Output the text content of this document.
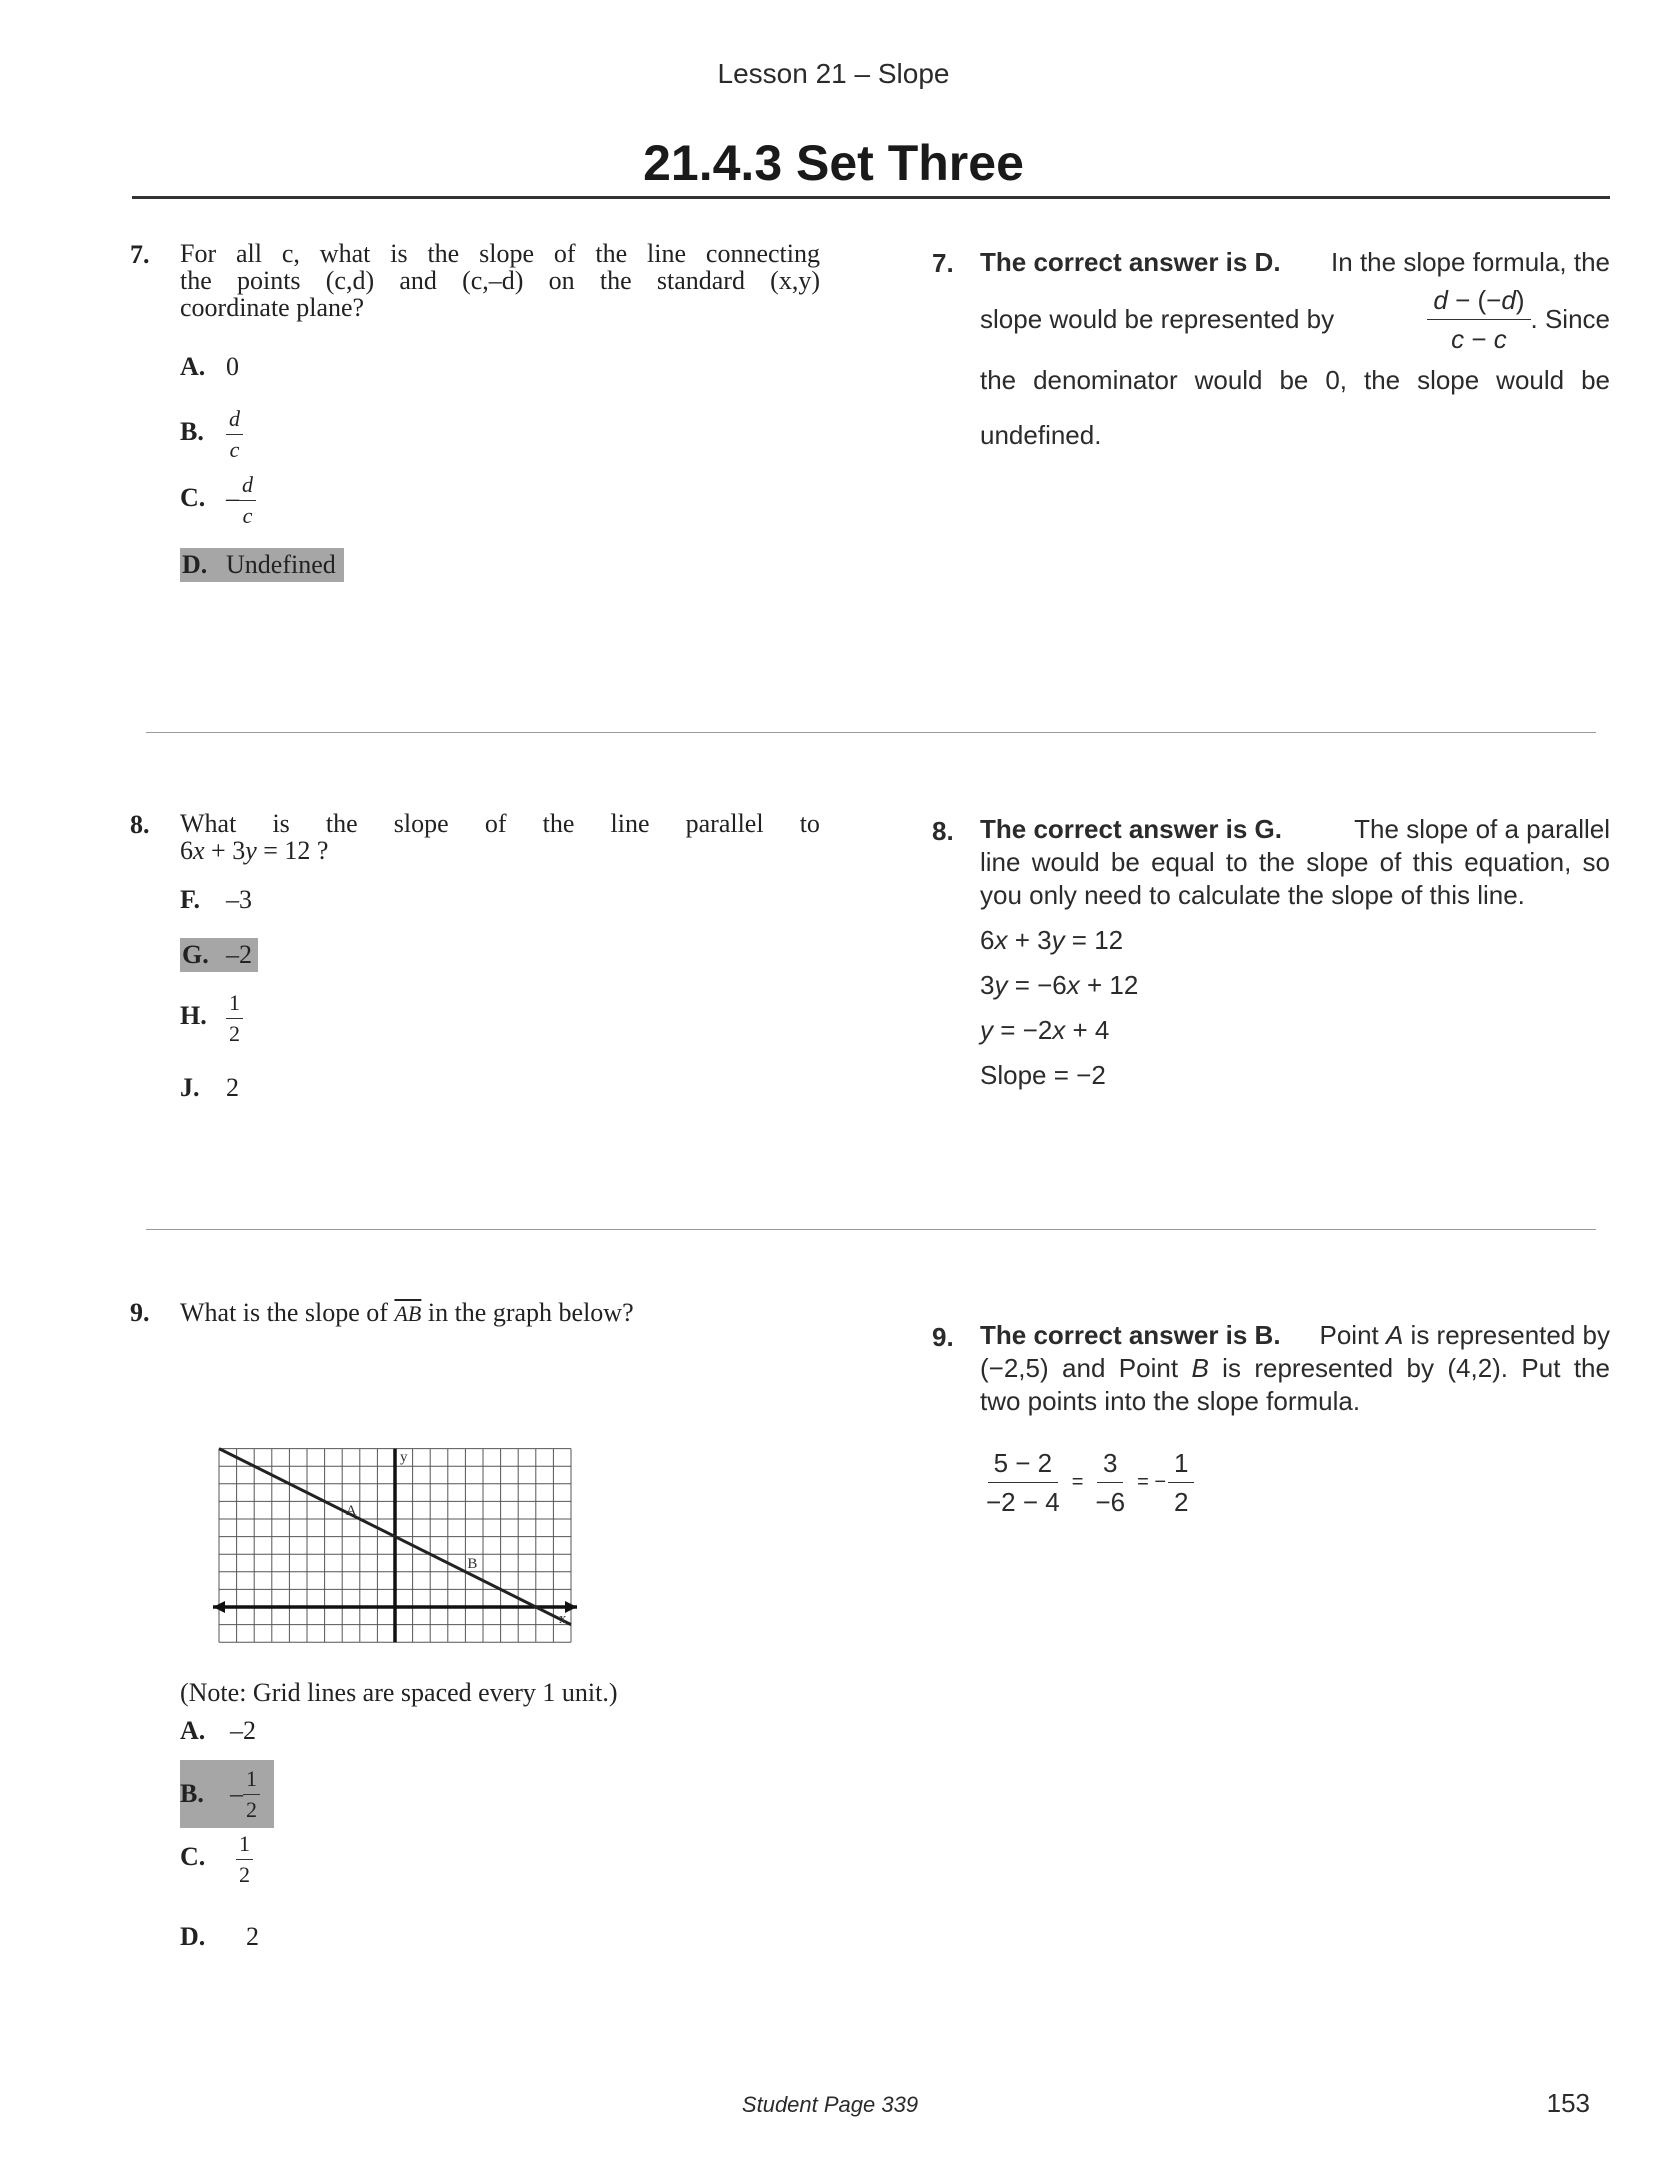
Lesson 21 – Slope
21.4.3 Set Three
7. For all c, what is the slope of the line connecting
the points (c,d) and (c,–d) on the standard (x,y)
coordinate plane?
A. 0
B. $\frac{d}{c}$
C. – $\frac{d}{c}$
D. Undefined
7. The correct answer is D. In the slope formula, the
slope would be represented by	$\frac{d - (-d)}{c - c}$ . Since
the denominator would be 0, the slope would be
undefined.
8. What is the slope of the line parallel to
6x + 3y = 12 ?
F. –3
G. –2
H. $\frac{1}{2}$
J. 2
8. The correct answer is G.	The slope of a parallel
line would be equal to the slope of this equation, so
you only need to calculate the slope of this line.
6x + 3y = 12
3y = −6x + 12
y = −2x + 4
Slope = −2
9. What is the slope of $\overline{AB}$ in the graph below?
y
x
A
B
(Note: Grid lines are spaced every 1 unit.)
A. –2
B.	– $\frac{1}{2}$
C. $\frac{1}{2}$
D. 2
9. The correct answer is B. Point A is represented by
(−2,5) and Point B is represented by (4,2). Put the
two points into the slope formula.
$\frac{5 - 2}{-2 - 4} = \frac{3}{-6}$ = − $\frac{1}{2}$
Student Page 339	153
